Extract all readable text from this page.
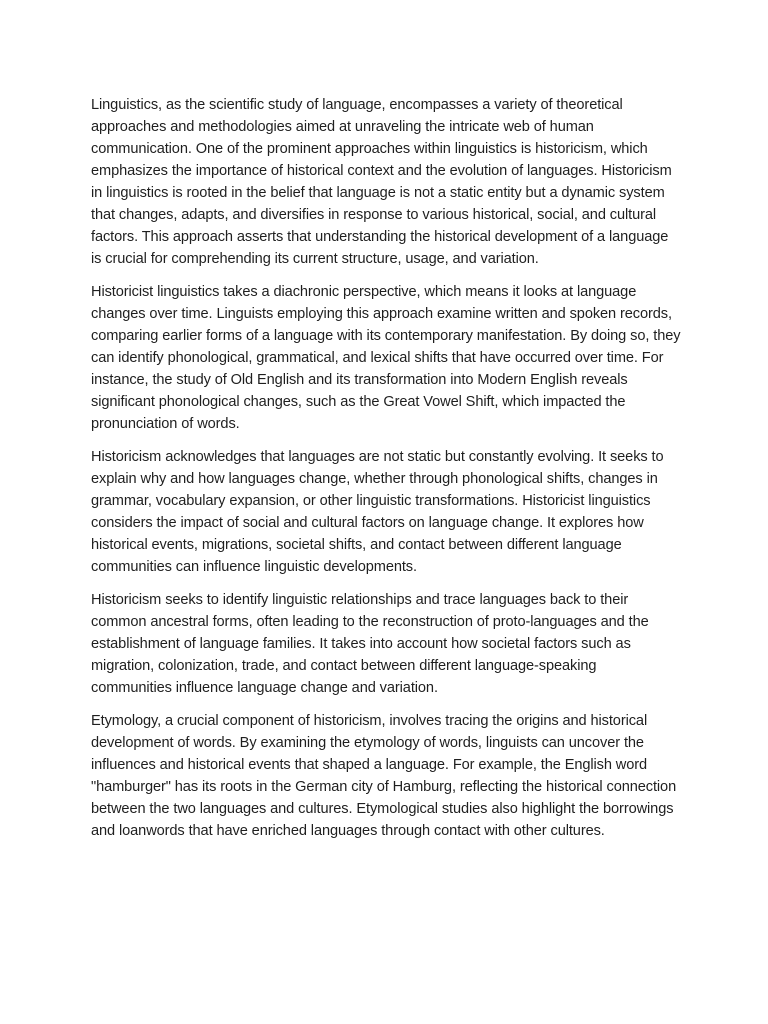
Linguistics, as the scientific study of language, encompasses a variety of theoretical approaches and methodologies aimed at unraveling the intricate web of human communication. One of the prominent approaches within linguistics is historicism, which emphasizes the importance of historical context and the evolution of languages. Historicism in linguistics is rooted in the belief that language is not a static entity but a dynamic system that changes, adapts, and diversifies in response to various historical, social, and cultural factors. This approach asserts that understanding the historical development of a language is crucial for comprehending its current structure, usage, and variation.

Historicist linguistics takes a diachronic perspective, which means it looks at language changes over time. Linguists employing this approach examine written and spoken records, comparing earlier forms of a language with its contemporary manifestation. By doing so, they can identify phonological, grammatical, and lexical shifts that have occurred over time. For instance, the study of Old English and its transformation into Modern English reveals significant phonological changes, such as the Great Vowel Shift, which impacted the pronunciation of words.

Historicism acknowledges that languages are not static but constantly evolving. It seeks to explain why and how languages change, whether through phonological shifts, changes in grammar, vocabulary expansion, or other linguistic transformations. Historicist linguistics considers the impact of social and cultural factors on language change. It explores how historical events, migrations, societal shifts, and contact between different language communities can influence linguistic developments.

Historicism seeks to identify linguistic relationships and trace languages back to their common ancestral forms, often leading to the reconstruction of proto-languages and the establishment of language families. It takes into account how societal factors such as migration, colonization, trade, and contact between different language-speaking communities influence language change and variation.

Etymology, a crucial component of historicism, involves tracing the origins and historical development of words. By examining the etymology of words, linguists can uncover the influences and historical events that shaped a language. For example, the English word "hamburger" has its roots in the German city of Hamburg, reflecting the historical connection between the two languages and cultures. Etymological studies also highlight the borrowings and loanwords that have enriched languages through contact with other cultures.
